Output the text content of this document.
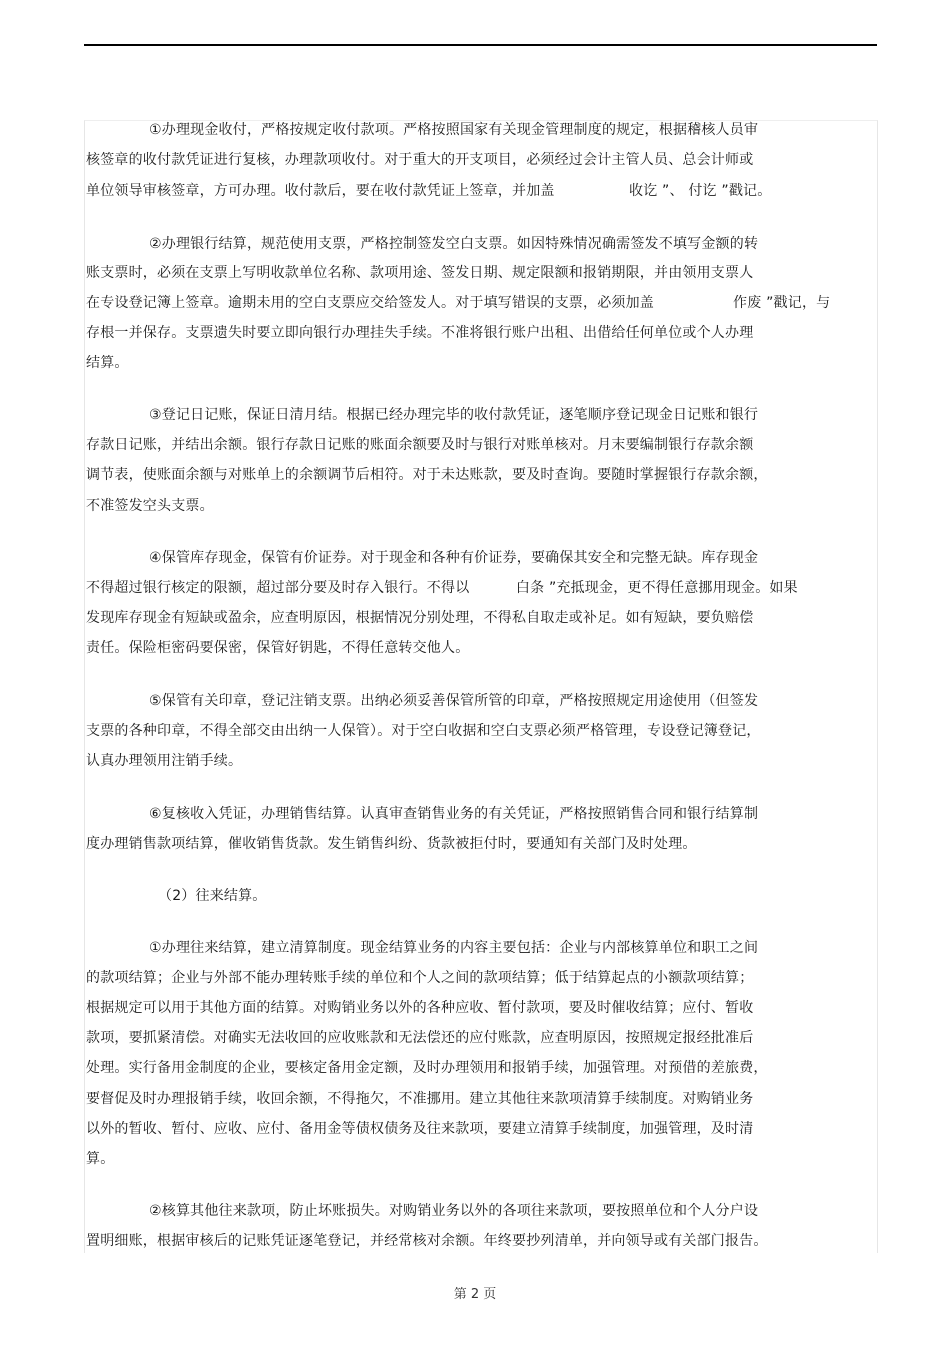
①办理现金收付，严格按规定收付款项。严格按照国家有关现金管理制度的规定，根据稽核人员审
核签章的收付款凭证进行复核，办理款项收付。对于重大的开支项目，必须经过会计主管人员、总会计师或
单位领导审核签章，方可办理。收付款后，要在收付款凭证上签章，并加盖                收讫 ”、 付讫 ”戳记。
②办理银行结算，规范使用支票，严格控制签发空白支票。如因特殊情况确需签发不填写金额的转
账支票时，必须在支票上写明收款单位名称、款项用途、签发日期、规定限额和报销期限，并由领用支票人
在专设登记簿上签章。逾期未用的空白支票应交给签发人。对于填写错误的支票，必须加盖                 作废 ”戳记，与
存根一并保存。支票遗失时要立即向银行办理挂失手续。不准将银行账户出租、出借给任何单位或个人办理
结算。
③登记日记账，保证日清月结。根据已经办理完毕的收付款凭证，逐笔顺序登记现金日记账和银行
存款日记账，并结出余额。银行存款日记账的账面余额要及时与银行对账单核对。月末要编制银行存款余额
调节表，使账面余额与对账单上的余额调节后相符。对于未达账款，要及时查询。要随时掌握银行存款余额，
不准签发空头支票。
④保管库存现金，保管有价证券。对于现金和各种有价证券，要确保其安全和完整无缺。库存现金
不得超过银行核定的限额，超过部分要及时存入银行。不得以          白条 ”充抵现金，更不得任意挪用现金。如果
发现库存现金有短缺或盈余，应查明原因，根据情况分别处理，不得私自取走或补足。如有短缺，要负赔偿
责任。保险柜密码要保密，保管好钥匙，不得任意转交他人。
⑤保管有关印章，登记注销支票。出纳必须妥善保管所管的印章，严格按照规定用途使用（但签发
支票的各种印章，不得全部交由出纳一人保管）。对于空白收据和空白支票必须严格管理，专设登记簿登记，
认真办理领用注销手续。
⑥复核收入凭证，办理销售结算。认真审查销售业务的有关凭证，严格按照销售合同和银行结算制
度办理销售款项结算，催收销售货款。发生销售纠纷、货款被拒付时，要通知有关部门及时处理。
（2）往来结算。
①办理往来结算，建立清算制度。现金结算业务的内容主要包括：企业与内部核算单位和职工之间
的款项结算；企业与外部不能办理转账手续的单位和个人之间的款项结算；低于结算起点的小额款项结算；
根据规定可以用于其他方面的结算。对购销业务以外的各种应收、暂付款项，要及时催收结算；应付、暂收
款项，要抓紧清偿。对确实无法收回的应收账款和无法偿还的应付账款，应查明原因，按照规定报经批准后
处理。实行备用金制度的企业，要核定备用金定额，及时办理领用和报销手续，加强管理。对预借的差旅费，
要督促及时办理报销手续，收回余额，不得拖欠，不准挪用。建立其他往来款项清算手续制度。对购销业务
以外的暂收、暂付、应收、应付、备用金等债权债务及往来款项，要建立清算手续制度，加强管理，及时清
算。
②核算其他往来款项，防止坏账损失。对购销业务以外的各项往来款项，要按照单位和个人分户设
置明细账，根据审核后的记账凭证逐笔登记，并经常核对余额。年终要抄列清单，并向领导或有关部门报告。
第 2 页
